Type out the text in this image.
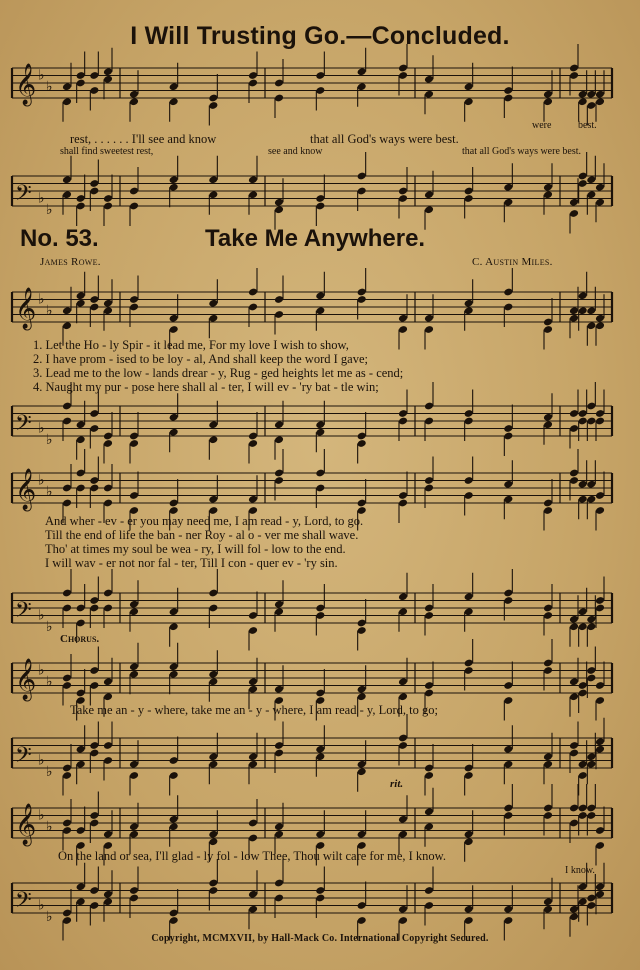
I Will Trusting Go.—Concluded.
𝄞 ♭
♭
rest, . . . . . . I'll see and know	that all God's ways were best.
were	best.
shall find sweetest rest,	see and know	that all God's ways were best.
𝄢 ♭
♭
No. 53.	Take Me Anywhere.
James Rowe.	C. Austin Miles.
𝄞 ♭
♭
1. Let the Ho - ly Spir - it lead me, For my love I wish to show,
2. I have prom - ised to be loy - al, And shall keep the word I gave;
3. Lead me to the low - lands drear - y, Rug - ged heights let me as - cend;
4. Naught my pur - pose here shall al - ter, I will ev - 'ry bat - tle win;
𝄢 ♭
♭
𝄞 ♭
♭
And wher - ev - er you may need me, I am read - y, Lord, to go.
Till the end of life the ban - ner Roy - al o - ver me shall wave.
Tho' at times my soul be wea - ry, I will fol - low to the end.
I will wav - er not nor fal - ter, Till I con - quer ev - 'ry sin.
𝄢 ♭
♭
Chorus.
𝄞 ♭
♭
Take me an - y - where, take me an - y - where, I am read - y, Lord, to go;
𝄢 ♭
♭
rit.
𝄞 ♭
♭
On the land or sea, I'll glad - ly fol - low Thee, Thou wilt care for me, I know.
I know.
𝄢 ♭
♭
Copyright, MCMXVII, by Hall-Mack Co. International Copyright Secured.
